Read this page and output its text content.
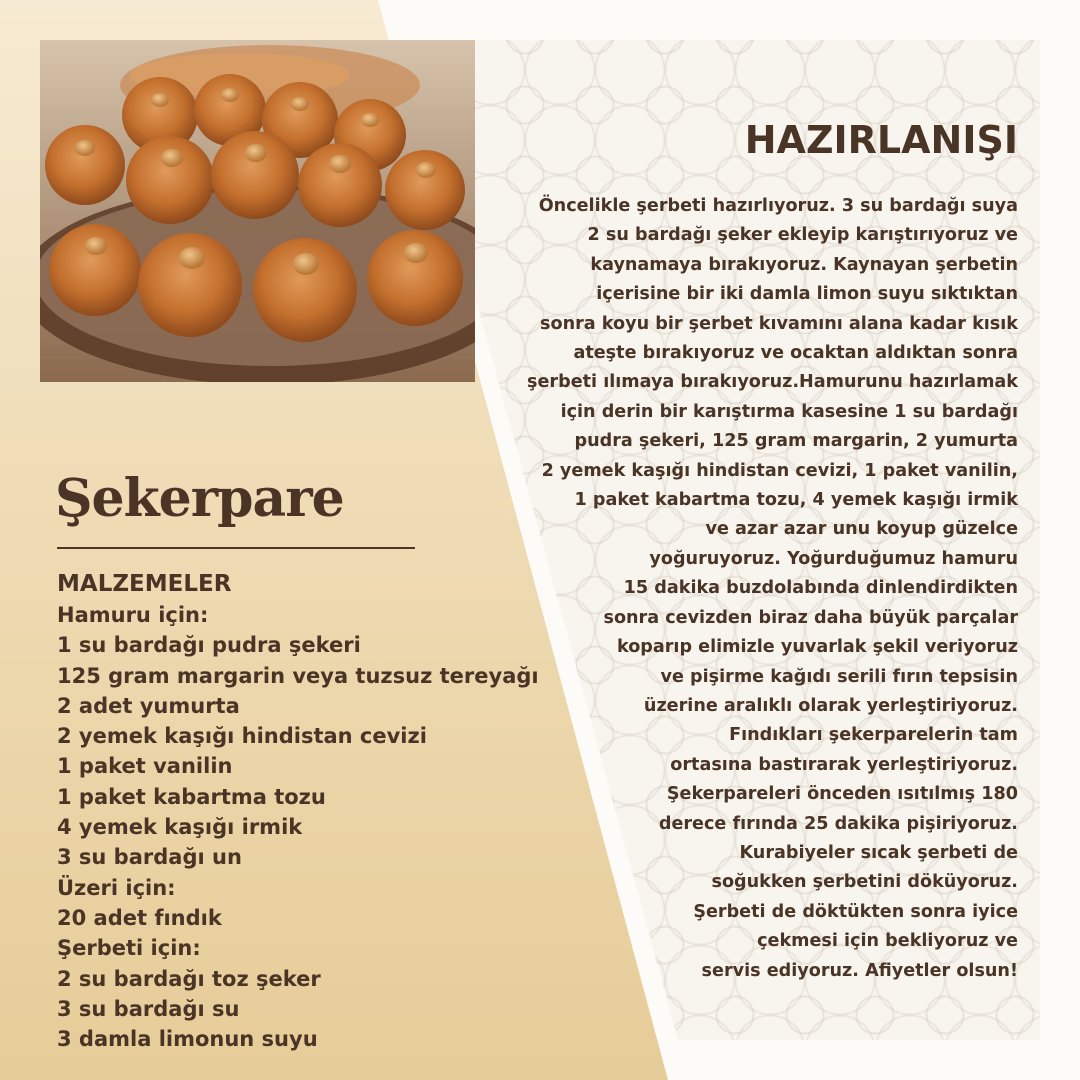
Şekerpare
MALZEMELER
Hamuru için:
1 su bardağı pudra şekeri
125 gram margarin veya tuzsuz tereyağı
2 adet yumurta
2 yemek kaşığı hindistan cevizi
1 paket vanilin
1 paket kabartma tozu
4 yemek kaşığı irmik
3 su bardağı un
Üzeri için:
20 adet fındık
Şerbeti için:
2 su bardağı toz şeker
3 su bardağı su
3 damla limonun suyu
HAZIRLANIŞI
Öncelikle şerbeti hazırlıyoruz. 3 su bardağı suya
2 su bardağı şeker ekleyip karıştırıyoruz ve
kaynamaya bırakıyoruz. Kaynayan şerbetin
içerisine bir iki damla limon suyu sıktıktan
sonra koyu bir şerbet kıvamını alana kadar kısık
ateşte bırakıyoruz ve ocaktan aldıktan sonra
şerbeti ılımaya bırakıyoruz.Hamurunu hazırlamak
için derin bir karıştırma kasesine 1 su bardağı
pudra şekeri, 125 gram margarin, 2 yumurta
2 yemek kaşığı hindistan cevizi, 1 paket vanilin,
1 paket kabartma tozu, 4 yemek kaşığı irmik
ve azar azar unu koyup güzelce
yoğuruyoruz. Yoğurduğumuz hamuru
15 dakika buzdolabında dinlendirdikten
sonra cevizden biraz daha büyük parçalar
koparıp elimizle yuvarlak şekil veriyoruz
ve pişirme kağıdı serili fırın tepsisin
üzerine aralıklı olarak yerleştiriyoruz.
Fındıkları şekerparelerin tam
ortasına bastırarak yerleştiriyoruz.
Şekerpareleri önceden ısıtılmış 180
derece fırında 25 dakika pişiriyoruz.
Kurabiyeler sıcak şerbeti de
soğukken şerbetini döküyoruz.
Şerbeti de döktükten sonra iyice
çekmesi için bekliyoruz ve
servis ediyoruz. Afiyetler olsun!
